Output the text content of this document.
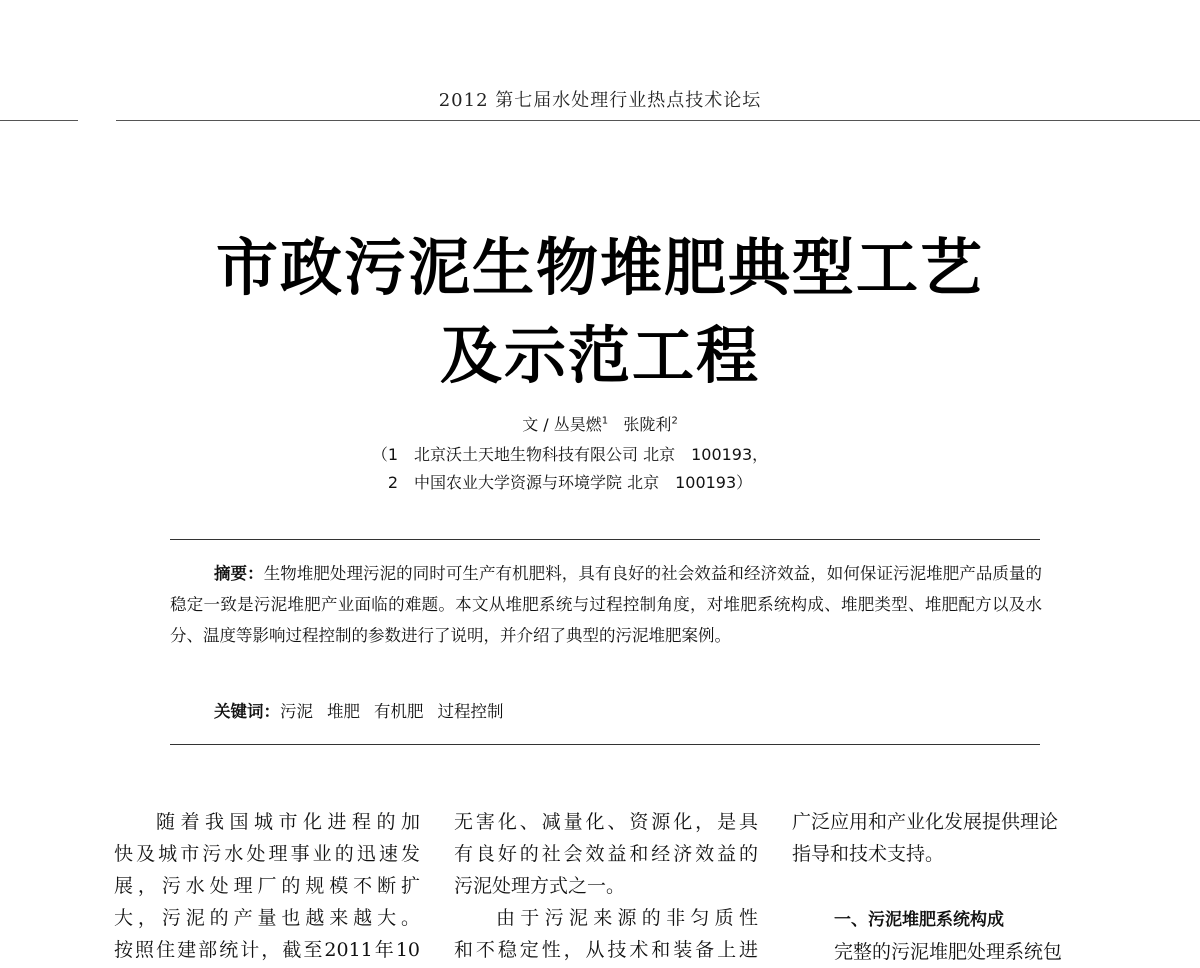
2012 第七届水处理行业热点技术论坛
市政污泥生物堆肥典型工艺
及示范工程
文 / 丛昊燃$^1$ 张陇利$^2$
（1　北京沃土天地生物科技有限公司 北京　100193，
2　中国农业大学资源与环境学院 北京　100193）
摘要：生物堆肥处理污泥的同时可生产有机肥料，具有良好的社会效益和经济效益，如何保证污泥堆肥产品质量的稳定一致是污泥堆肥产业面临的难题。本文从堆肥系统与过程控制角度，对堆肥系统构成、堆肥类型、堆肥配方以及水分、温度等影响过程控制的参数进行了说明，并介绍了典型的污泥堆肥案例。
关键词：污泥 堆肥 有机肥 过程控制

随着我国城市化进程的加

快及城市污水处理事业的迅速发

展，污水处理厂的规模不断扩

大，污泥的产量也越来越大。

按照住建部统计，截至2011年10

无害化、减量化、资源化，是具

有良好的社会效益和经济效益的

污泥处理方式之一。

由于污泥来源的非匀质性

和不稳定性，从技术和装备上进

广泛应用和产业化发展提供理论

指导和技术支持。

一、污泥堆肥系统构成

完整的污泥堆肥处理系统包
